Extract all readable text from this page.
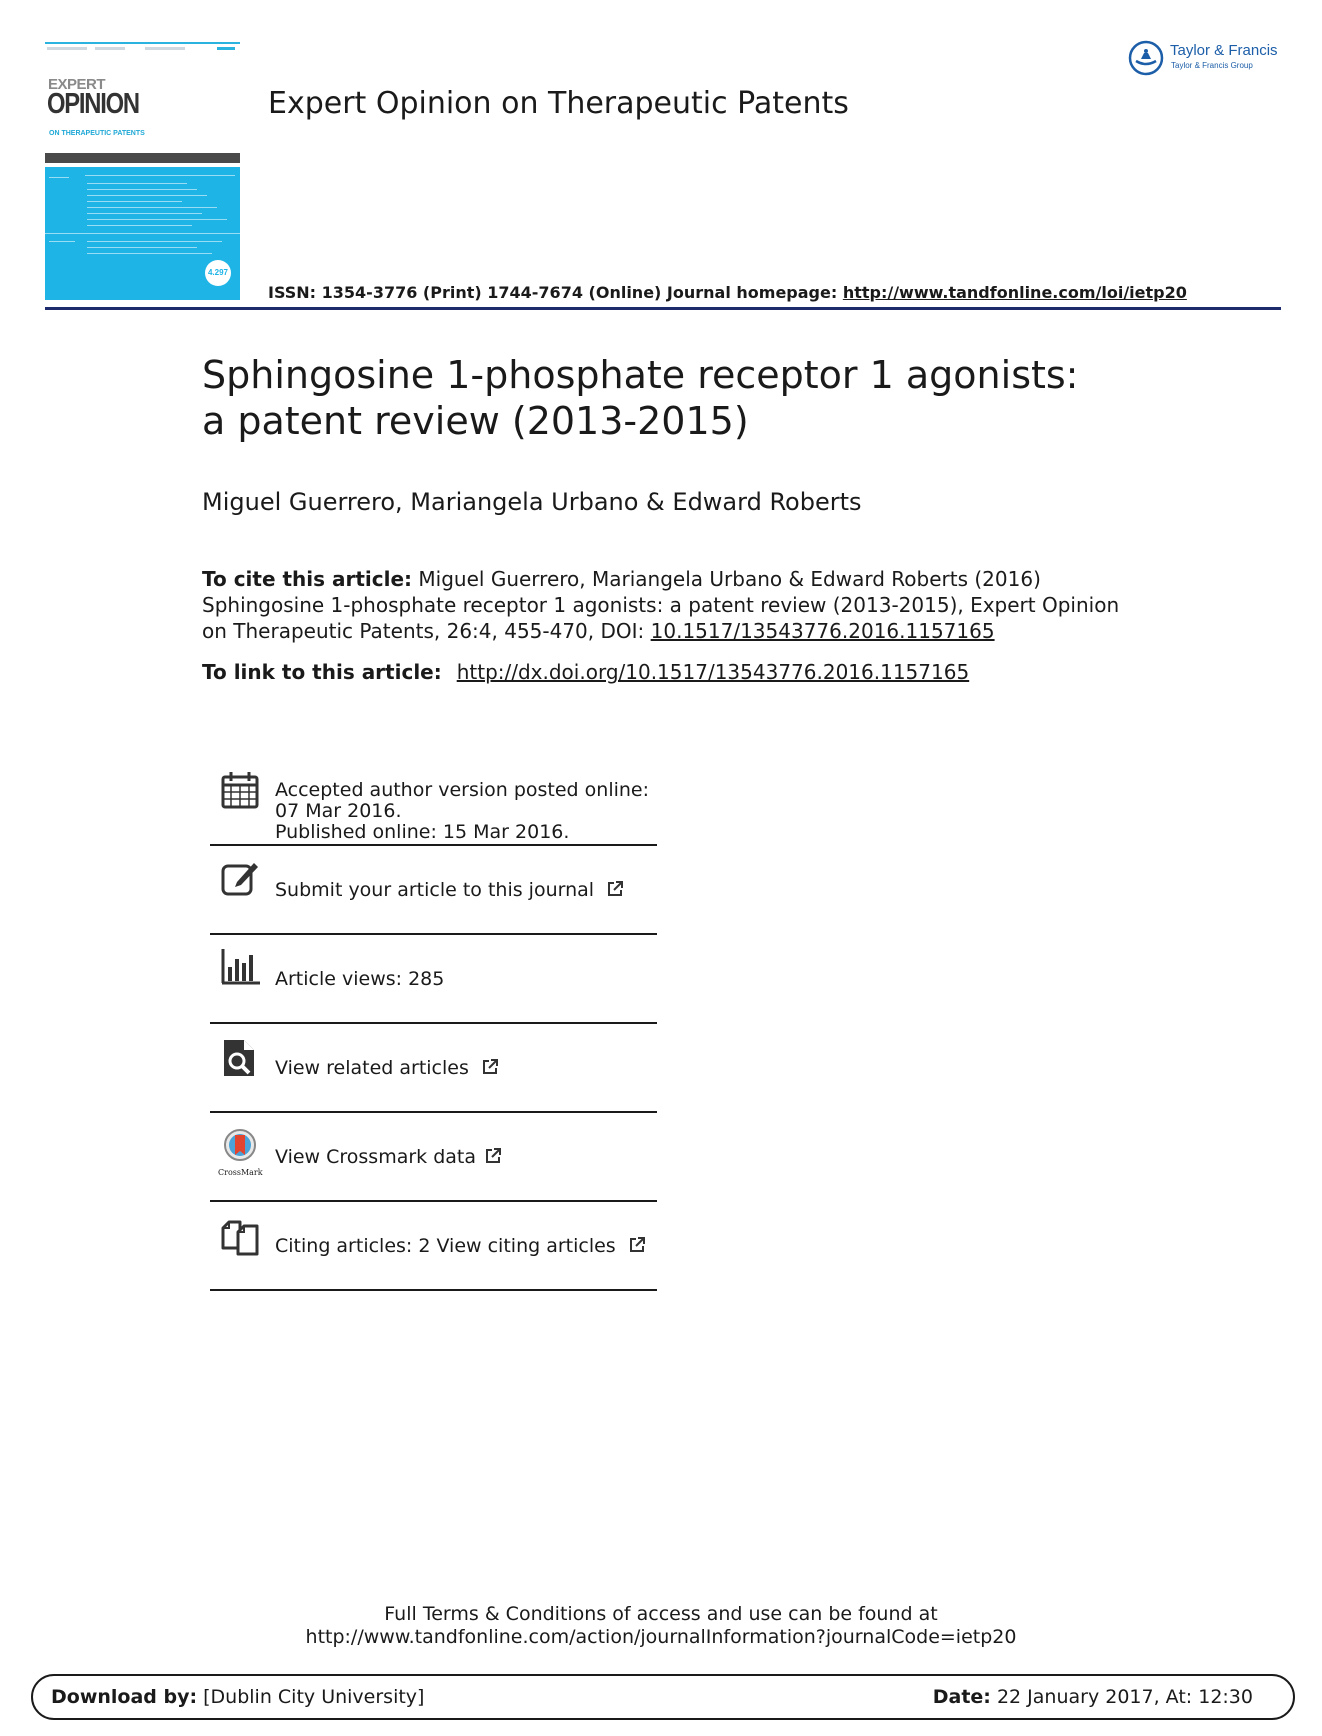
EXPERT
OPINION
ON THERAPEUTIC PATENTS
4.297
Expert Opinion on Therapeutic Patents
ISSN: 1354-3776 (Print) 1744-7674 (Online) Journal homepage: http://www.tandfonline.com/loi/ietp20
Taylor & Francis
Taylor & Francis Group
Sphingosine 1-phosphate receptor 1 agonists: a patent review (2013-2015)
Miguel Guerrero, Mariangela Urbano & Edward Roberts
To cite this article: Miguel Guerrero, Mariangela Urbano & Edward Roberts (2016) Sphingosine 1-phosphate receptor 1 agonists: a patent review (2013-2015), Expert Opinion on Therapeutic Patents, 26:4, 455-470, DOI: 10.1517/13543776.2016.1157165
To link to this article: http://dx.doi.org/10.1517/13543776.2016.1157165
Accepted author version posted online: 07 Mar 2016.
Published online: 15 Mar 2016.
Submit your article to this journal
Article views: 285
View related articles
CrossMark
View Crossmark data
Citing articles: 2 View citing articles
Full Terms & Conditions of access and use can be found at
http://www.tandfonline.com/action/journalInformation?journalCode=ietp20
Download by: [Dublin City University]	Date: 22 January 2017, At: 12:30
